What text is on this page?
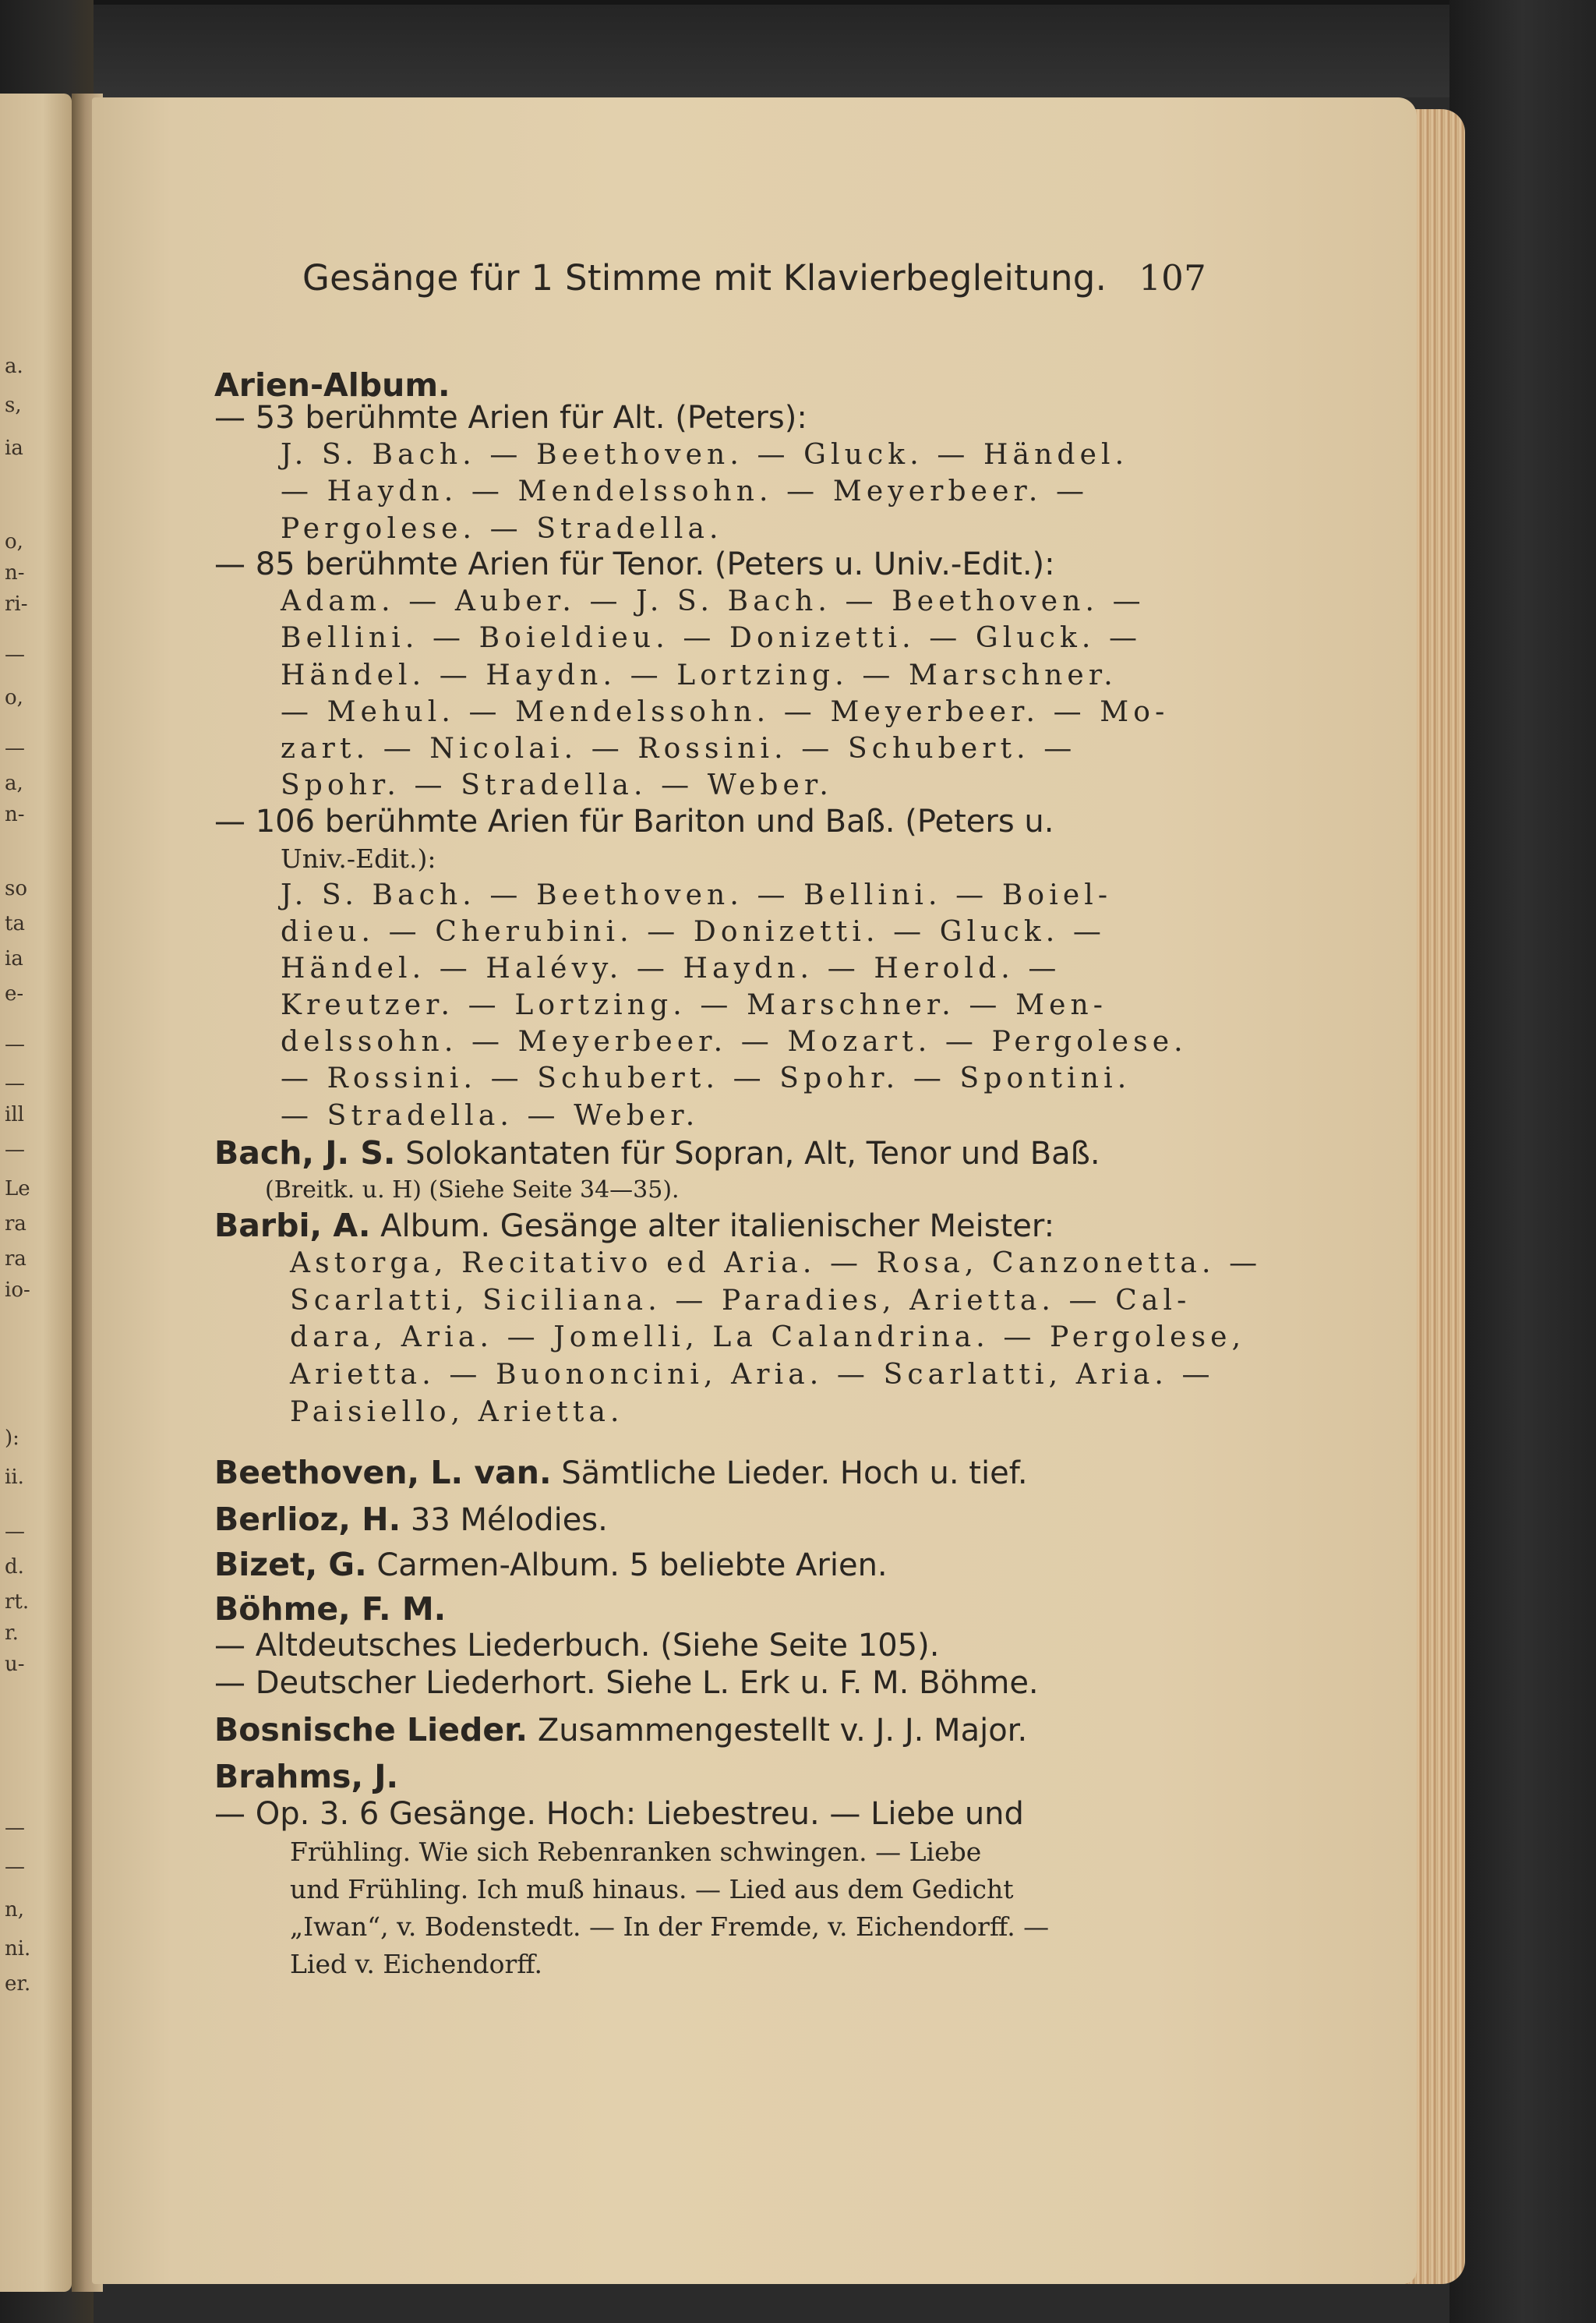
a.
s,
ia
o,
n-
ri-
—
o,
—
a,
n-
so
ta
ia
e-
—
—
ill
—
Le
ra
ra
io-
):
ii.
—
d.
rt.
r.
u-
—
—
n,
ni.
er.
Gesänge für 1 Stimme mit Klavierbegleitung. 107
Arien-Album.
— 53 berühmte Arien für Alt. (Peters):
J. S. Bach. — Beethoven. — Gluck. — Händel.
— Haydn. — Mendelssohn. — Meyerbeer. —
Pergolese. — Stradella.
— 85 berühmte Arien für Tenor. (Peters u. Univ.-Edit.):
Adam. — Auber. — J. S. Bach. — Beethoven. —
Bellini. — Boieldieu. — Donizetti. — Gluck. —
Händel. — Haydn. — Lortzing. — Marschner.
— Mehul. — Mendelssohn. — Meyerbeer. — Mo-
zart. — Nicolai. — Rossini. — Schubert. —
Spohr. — Stradella. — Weber.
— 106 berühmte Arien für Bariton und Baß. (Peters u.
Univ.-Edit.):
J. S. Bach. — Beethoven. — Bellini. — Boiel-
dieu. — Cherubini. — Donizetti. — Gluck. —
Händel. — Halévy. — Haydn. — Herold. —
Kreutzer. — Lortzing. — Marschner. — Men-
delssohn. — Meyerbeer. — Mozart. — Pergolese.
— Rossini. — Schubert. — Spohr. — Spontini.
— Stradella. — Weber.
Bach, J. S. Solokantaten für Sopran, Alt, Tenor und Baß.
(Breitk. u. H) (Siehe Seite 34—35).
Barbi, A. Album. Gesänge alter italienischer Meister:
Astorga, Recitativo ed Aria. — Rosa, Canzonetta. —
Scarlatti, Siciliana. — Paradies, Arietta. — Cal-
dara, Aria. — Jomelli, La Calandrina. — Pergolese,
Arietta. — Buononcini, Aria. — Scarlatti, Aria. —
Paisiello, Arietta.
Beethoven, L. van. Sämtliche Lieder. Hoch u. tief.
Berlioz, H. 33 Mélodies.
Bizet, G. Carmen-Album. 5 beliebte Arien.
Böhme, F. M.
— Altdeutsches Liederbuch. (Siehe Seite 105).
— Deutscher Liederhort. Siehe L. Erk u. F. M. Böhme.
Bosnische Lieder. Zusammengestellt v. J. J. Major.
Brahms, J.
— Op. 3. 6 Gesänge. Hoch: Liebestreu. — Liebe und
Frühling. Wie sich Rebenranken schwingen. — Liebe
und Frühling. Ich muß hinaus. — Lied aus dem Gedicht
„Iwan“, v. Bodenstedt. — In der Fremde, v. Eichendorff. —
Lied v. Eichendorff.
